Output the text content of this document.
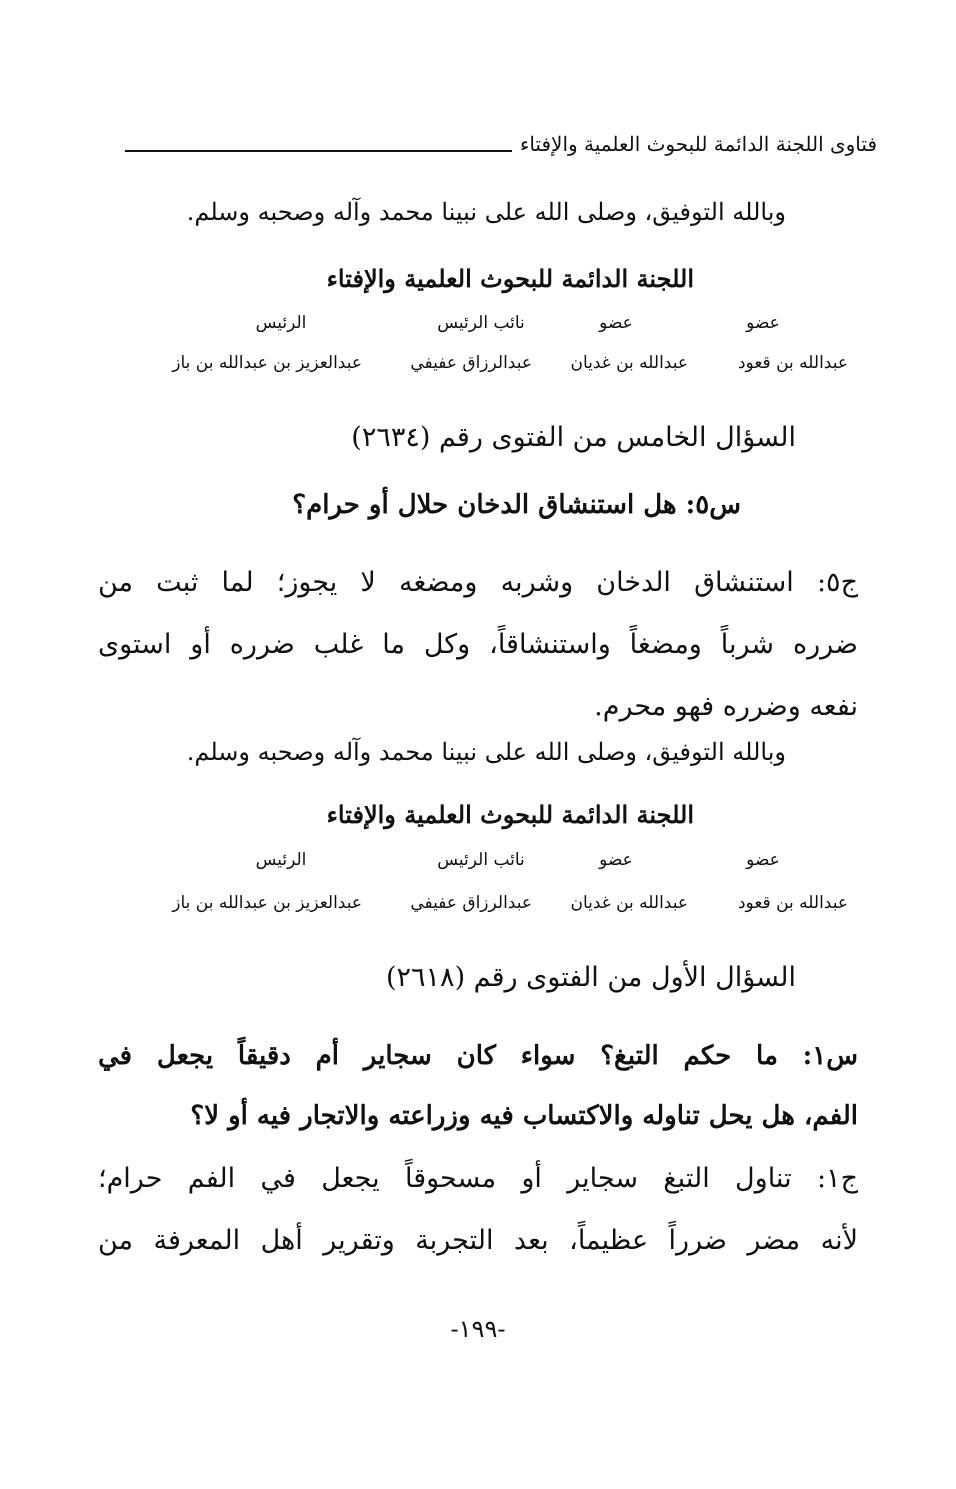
فتاوى اللجنة الدائمة للبحوث العلمية والإفتاء
وبالله التوفيق، وصلى الله على نبينا محمد وآله وصحبه وسلم.
اللجنة الدائمة للبحوث العلمية والإفتاء
عضو
عضو
نائب الرئيس
الرئيس
عبدالله بن قعود
عبدالله بن غديان
عبدالرزاق عفيفي
عبدالعزيز بن عبدالله بن باز
السؤال الخامس من الفتوى رقم (٢٦٣٤)
س٥: هل استنشاق الدخان حلال أو حرام؟
ج٥: استنشاق الدخان وشربه ومضغه لا يجوز؛ لما ثبت من
ضرره شرباً ومضغاً واستنشاقاً، وكل ما غلب ضرره أو استوى
نفعه وضرره فهو محرم.
وبالله التوفيق، وصلى الله على نبينا محمد وآله وصحبه وسلم.
اللجنة الدائمة للبحوث العلمية والإفتاء
عضو
عضو
نائب الرئيس
الرئيس
عبدالله بن قعود
عبدالله بن غديان
عبدالرزاق عفيفي
عبدالعزيز بن عبدالله بن باز
السؤال الأول من الفتوى رقم (٢٦١٨)
س١: ما حكم التبغ؟ سواء كان سجاير أم دقيقاً يجعل في
الفم، هل يحل تناوله والاكتساب فيه وزراعته والاتجار فيه أو لا؟
ج١: تناول التبغ سجاير أو مسحوقاً يجعل في الفم حرام؛
لأنه مضر ضرراً عظيماً، بعد التجربة وتقرير أهل المعرفة من
-١٩٩-
